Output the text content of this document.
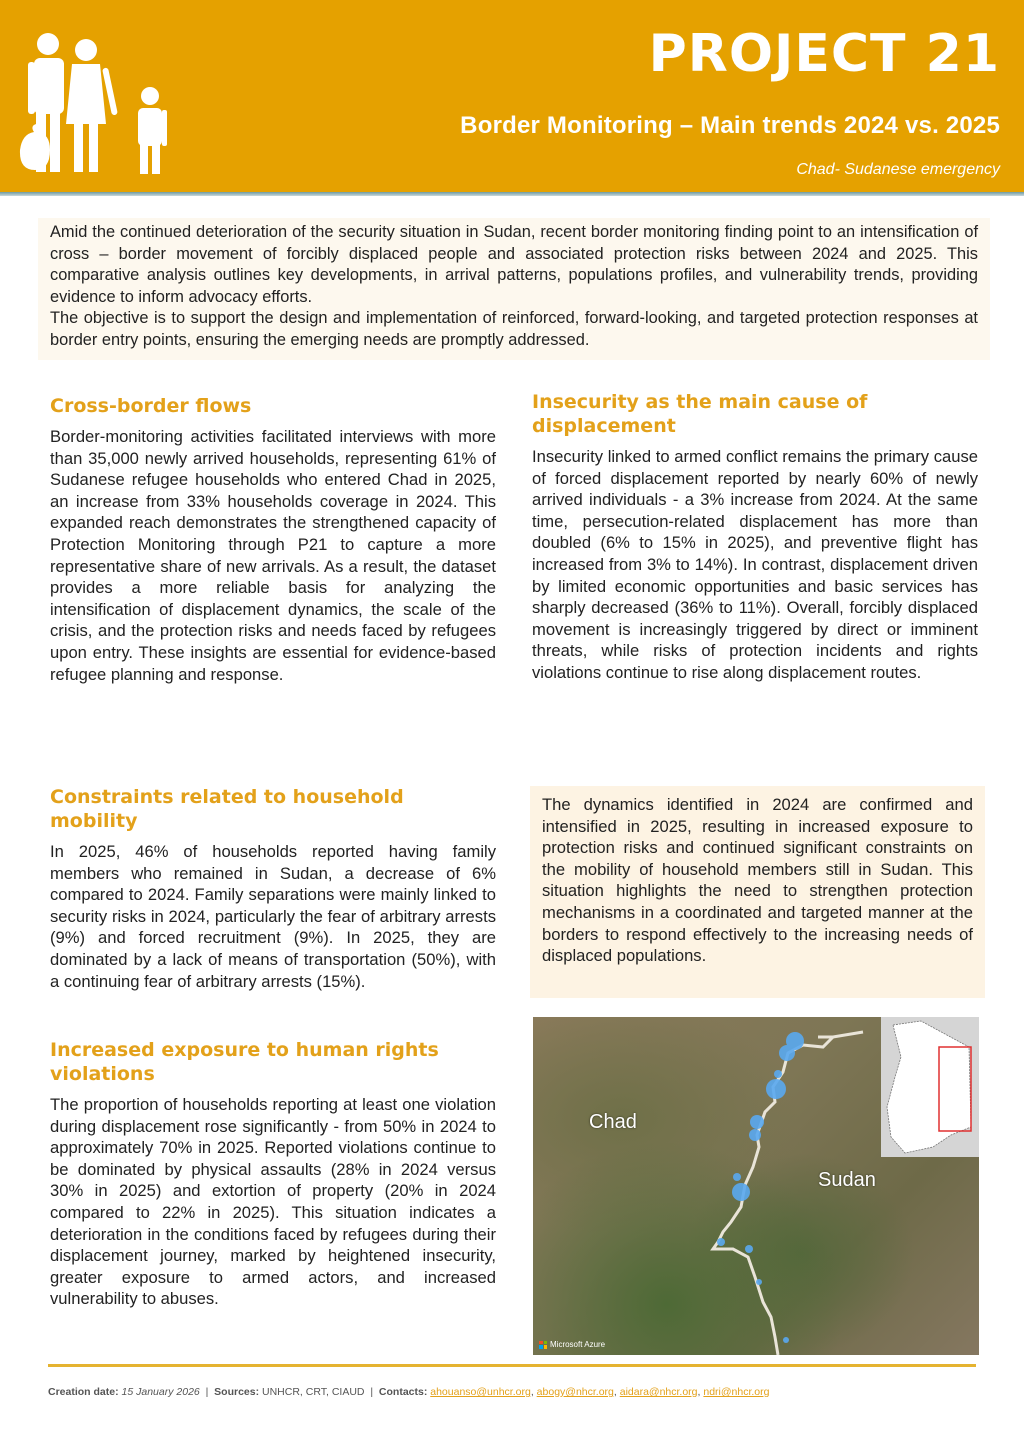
PROJECT 21
Border Monitoring – Main trends 2024 vs. 2025
Chad- Sudanese emergency

Amid the continued deterioration of the security situation in Sudan, recent border monitoring finding point to an intensification of cross – border movement of forcibly displaced people and associated protection risks between 2024 and 2025. This comparative analysis outlines key developments, in arrival patterns, populations profiles, and vulnerability trends, providing evidence to inform advocacy efforts.

The objective is to support the design and implementation of reinforced, forward-looking, and targeted protection responses at border entry points, ensuring the emerging needs are promptly addressed.

Cross-border flows

Border-monitoring activities facilitated interviews with more than 35,000 newly arrived households, representing 61% of Sudanese refugee households who entered Chad in 2025, an increase from 33% households coverage in 2024. This expanded reach demonstrates the strengthened capacity of Protection Monitoring through P21 to capture a more representative share of new arrivals. As a result, the dataset provides a more reliable basis for analyzing the intensification of displacement dynamics, the scale of the crisis, and the protection risks and needs faced by refugees upon entry. These insights are essential for evidence-based refugee planning and response.

Insecurity as the main cause of displacement

Insecurity linked to armed conflict remains the primary cause of forced displacement reported by nearly 60% of newly arrived individuals - a 3% increase from 2024. At the same time, persecution-related displacement has more than doubled (6% to 15% in 2025), and preventive flight has increased from 3% to 14%). In contrast, displacement driven by limited economic opportunities and basic services has sharply decreased (36% to 11%). Overall, forcibly displaced movement is increasingly triggered by direct or imminent threats, while risks of protection incidents and rights violations continue to rise along displacement routes.

Constraints related to household mobility

In 2025, 46% of households reported having family members who remained in Sudan, a decrease of 6% compared to 2024. Family separations were mainly linked to security risks in 2024, particularly the fear of arbitrary arrests (9%) and forced recruitment (9%). In 2025, they are dominated by a lack of means of transportation (50%), with a continuing fear of arbitrary arrests (15%).

The dynamics identified in 2024 are confirmed and intensified in 2025, resulting in increased exposure to protection risks and continued significant constraints on the mobility of household members still in Sudan. This situation highlights the need to strengthen protection mechanisms in a coordinated and targeted manner at the borders to respond effectively to the increasing needs of displaced populations.

Increased exposure to human rights violations

The proportion of households reporting at least one violation during displacement rose significantly - from 50% in 2024 to approximately 70% in 2025. Reported violations continue to be dominated by physical assaults (28% in 2024 versus 30% in 2025) and extortion of property (20% in 2024 compared to 22% in 2025). This situation indicates a deterioration in the conditions faced by refugees during their displacement journey, marked by heightened insecurity, greater exposure to armed actors, and increased vulnerability to abuses.

Chad
Sudan
Microsoft Azure
Creation date: 15 January 2026  |  Sources: UNHCR, CRT, CIAUD  |  Contacts: ahouanso@unhcr.org, abogy@nhcr.org, aidara@nhcr.org, ndri@nhcr.org
